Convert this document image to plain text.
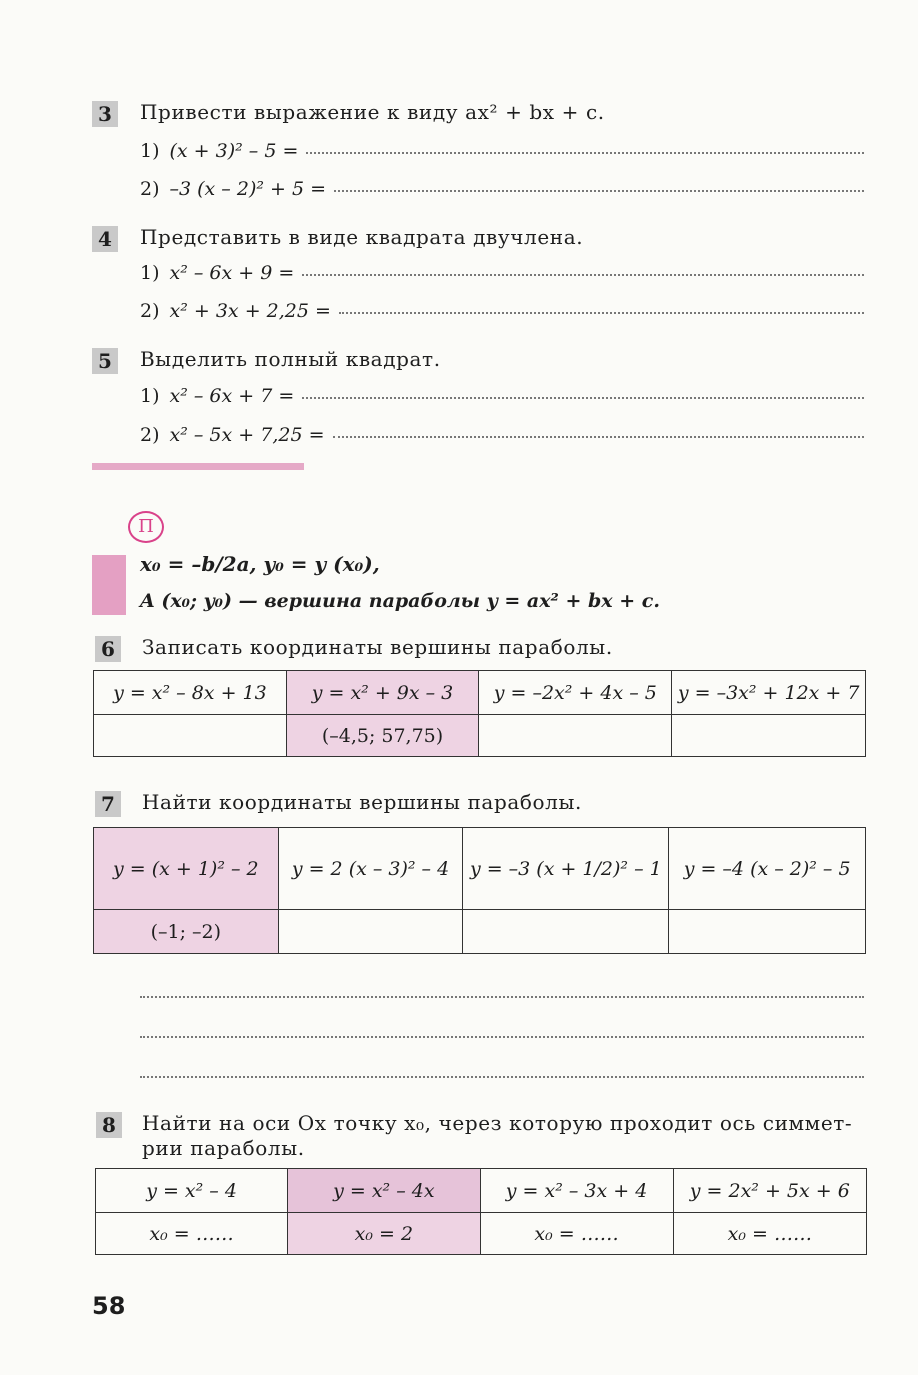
3	Привести выражение к виду ax² + bx + c.
1) (x + 3)² – 5 =
2) –3 (x – 2)² + 5 =
4	Представить в виде квадрата двучлена.
1) x² – 6x + 9 =
2) x² + 3x + 2,25 =
5	Выделить полный квадрат.
1) x² – 6x + 7 =
2) x² – 5x + 7,25 =
П
x₀ = –b/2a, y₀ = y (x₀),
A (x₀; y₀) — вершина параболы y = ax² + bx + c.
6	Записать координаты вершины параболы.
y = x² – 8x + 13	y = x² + 9x – 3	y = –2x² + 4x – 5	y = –3x² + 12x + 7
	(–4,5; 57,75)		
7	Найти координаты вершины параболы.
y = (x + 1)² – 2	y = 2 (x – 3)² – 4	y = –3 (x + 1/2)² – 1	y = –4 (x – 2)² – 5
(–1; –2)			
8	Найти на оси Ox точку x₀, через которую проходит ось симмет-
рии параболы.
y = x² – 4	y = x² – 4x	y = x² – 3x + 4	y = 2x² + 5x + 6
x₀ = ……	x₀ = 2	x₀ = ……	x₀ = ……
58
